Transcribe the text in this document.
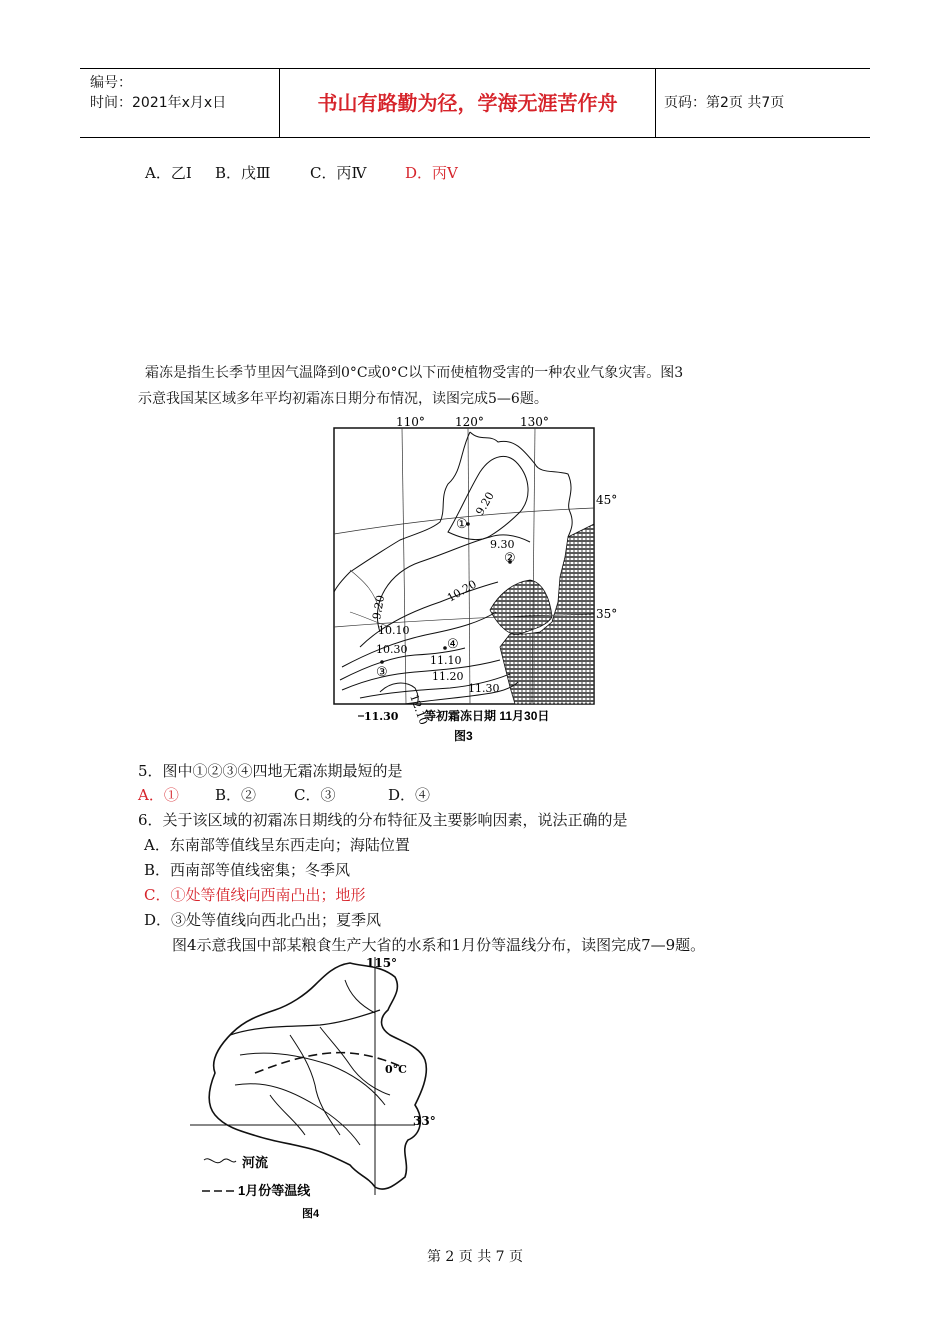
编号：
时间：2021年x月x日	书山有路勤为径，学海无涯苦作舟	页码：第2页 共7页
A．乙Ⅰ B．戊Ⅲ	C．丙Ⅳ	D．丙Ⅴ
霜冻是指生长季节里因气温降到0°C或0°C以下而使植物受害的一种农业气象灾害。图3
示意我国某区域多年平均初霜冻日期分布情况，读图完成5—6题。
110°	120°	130°
45°
35°
9.20
9.30
10.20
9.20
10.10
10.30
11.10
11.20
11.30
12.10
①
②
③
④
11.30 等初霜冻日期 11月30日
图3
5．图中①②③④四地无霜冻期最短的是
A．① B．②	C．③	D．④
6．关于该区域的初霜冻日期线的分布特征及主要影响因素，说法正确的是
A．东南部等值线呈东西走向；海陆位置
B．西南部等值线密集；冬季风
C．①处等值线向西南凸出；地形
D．③处等值线向西北凸出；夏季风
图4示意我国中部某粮食生产大省的水系和1月份等温线分布，读图完成7—9题。
115°
33°
0°C
河流
1月份等温线
图4
第 2 页 共 7 页
